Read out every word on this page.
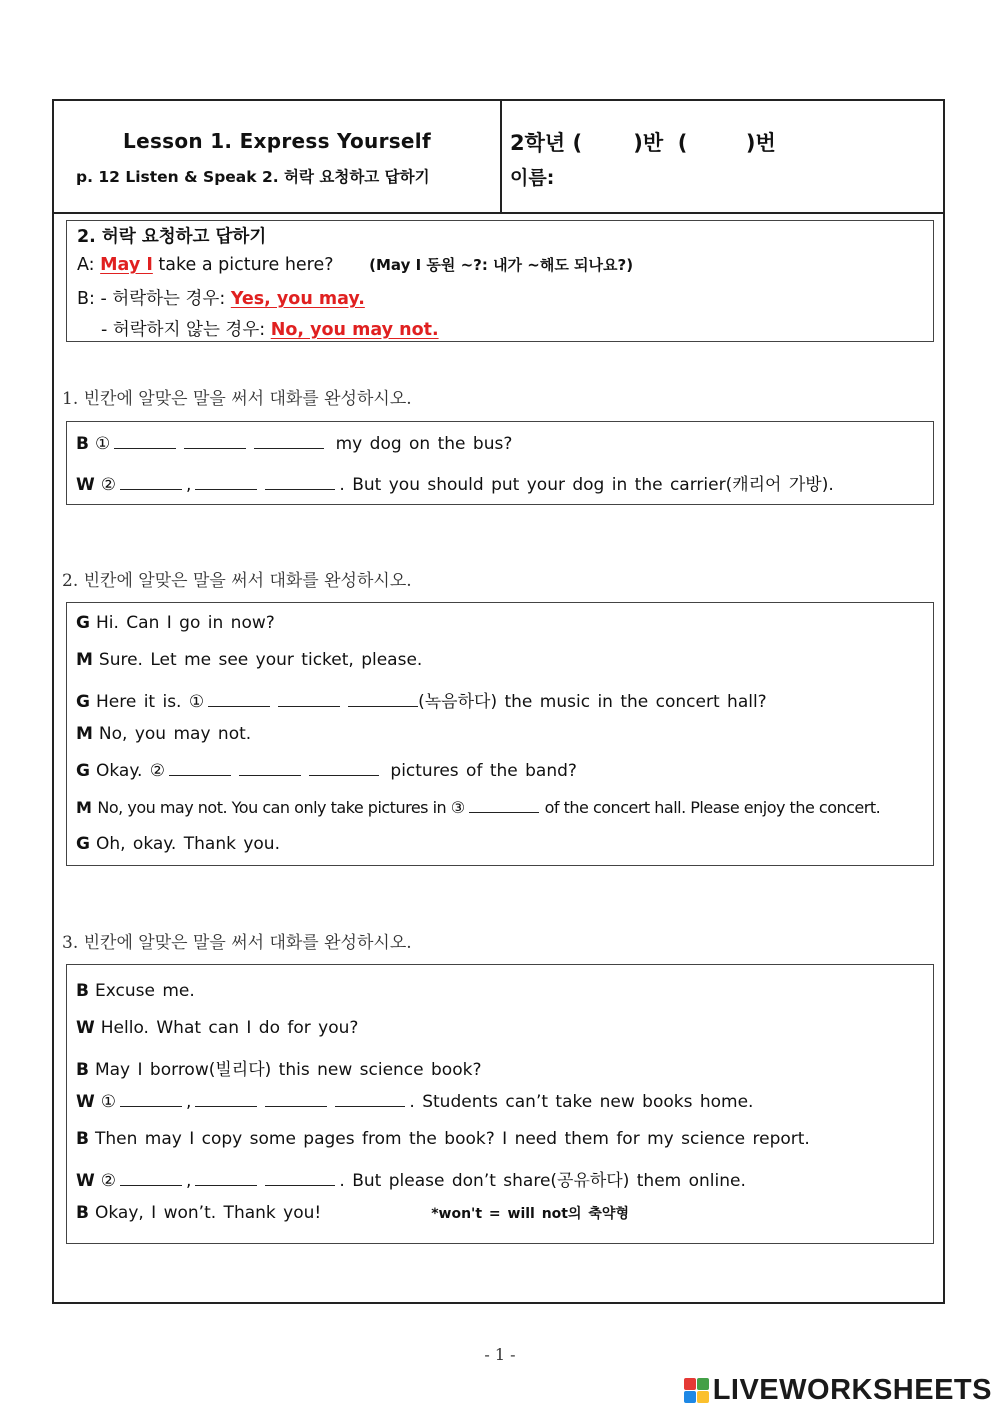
Lesson 1. Express Yourself
p. 12 Listen & Speak 2. 허락 요청하고 답하기
2학년 (       )반  (        )번
이름:
2. 허락 요청하고 답하기
A: May I take a picture here? (May I 동원 ~?: 내가 ~해도 되나요?)
B: - 허락하는 경우: Yes, you may.
- 허락하지 않는 경우: No, you may not.
1. 빈칸에 알맞은 말을 써서 대화를 완성하시오.
B ①	my dog on the bus?
W ②	,	. But you should put your dog in the carrier(캐리어 가방).
2. 빈칸에 알맞은 말을 써서 대화를 완성하시오.
G Hi. Can I go in now?
M Sure. Let me see your ticket, please.
G Here it is. ①	(녹음하다) the music in the concert hall?
M No, you may not.
G Okay. ②	pictures of the band?
M No, you may not. You can only take pictures in ③	of the concert hall. Please enjoy the concert.
G Oh, okay. Thank you.
3. 빈칸에 알맞은 말을 써서 대화를 완성하시오.
B Excuse me.
W Hello. What can I do for you?
B May I borrow(빌리다) this new science book?
W ①	,	. Students can’t take new books home.
B Then may I copy some pages from the book? I need them for my science report.
W ②	,	. But please don’t share(공유하다) them online.
B Okay, I won’t. Thank you!	*won't = will not의 축약형
- 1 -
LIVEWORKSHEETS
